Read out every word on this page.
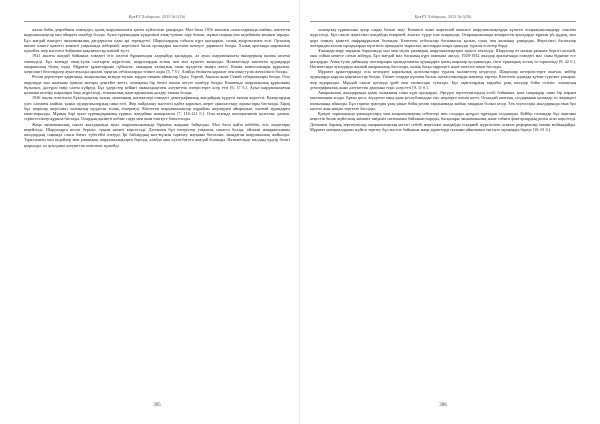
ҚазҰУ Хабаршы. 2015 №1(56)

жылы бойы деңгейінен төмендеп, қазақ шаруашылығы қатты күйзеліске ұшырады. Мал басы 1916 жылмен салыстырғанда азайып, көптеген шаруашылықтар мал айыруға мәжбүр болды. Ауыл тұрғындары күнделікті азық-түлікке зәру болып, жұмыссыздық пен кедейшілік кеңінен тарады. Бұл жағдай өлкедегі экономикалық дағдарысты одан әрі тереңдетті. Шаруалардың табысы күрт қысқарып, салық ауыртпалығы өсті. Орталық өкімет өлкеге қажетті көмекті уақытында жібермей, жергілікті билік органдары мәселені шешуге дәрменсіз болды. Халық арасында наразылық күшейіп, жер мәселесі бойынша қақтығыстар жиілей түсті.

1921 жылғы жағдай бойынша өлкедегі егіс көлемі бұрынғыдан әлдеқайда қысқарды, ал ауыл шаруашылығы өнімдерінің жалпы көлемі төмендеді. Бұл кезеңде азық-түлік салғырты жүргізіліп, шаруалардан астық пен мал күштеп жиналды. Нәтижесінде көптеген аудандарда ашаршылық белең алды. Мұрағат құжаттарына сүйенсек, ашыққан халықтың саны жүздеген мыңға жетті. Көмек комиссиялары құрылып, жергілікті белсенділер ауыл-ауылды аралап, мұқтаж отбасыларды тізімге алды [5, 7 б.]. Алайда бөлінген қаражат пен азық-түлік жеткіліксіз болды.

Ресми деректерге қарағанда, ашаршылық кезінде ең көп зардап шеккен аймақтар Орал, Торғай, Ақмола және Семей губерниялары болды. Осы өңірлерде мал шығыны ерекше жоғары деңгейге жетті, халықтың бір бөлігі көшіп кетуге мәжбүр болды. Көшпенді шаруашылық құрылымы бұзылып, дәстүрлі өмір салты күйреді. Бұл үдерістер кейінгі онжылдықтағы әлеуметтік өзгерістерге әсер етті [6, 17 б.]. Ауыл шаруашылығын қалпына келтіру шаралары баяу жүргізілді, техникалық және қаржылық қолдау тапшы болды.

1926 жылы өткізілген Бүкілодақтық халық санағының нәтижелері өлкедегі демографиялық жағдайдың күрделі екенін көрсетті. Қазақтардың үлес салмағы азайып, қоныс аударушылардың саны өсті. Жер пайдалану мәселесі қайта қаралып, жерге орналастыру жұмыстары басталды. Бірақ бұл шаралар жергілікті халықтың мүддесін толық ескермеді. Көптеген шаруашылықтар шұрайлы жерлерден айырылып, шалғай аудандарға ығыстырылды. Мұның бәрі ауыл тұрғындарының тұрмыс жағдайын нашарлатты [7, 116-121 б.]. Осы кезеңде кооперативтік қозғалыс дамып, серіктестіктер құрыла бастады. Олардың қызметі көбіне сауда мен өнім өткізуге бағытталды.

Жаңа экономикалық саясат жылдарында ауыл шаруашылығында біршама жандану байқалды. Мал басы қайта көбейіп, егіс алқаптары кеңейтілді. Шаруаларға несие беріліп, тұқым көмегі көрсетілді. Дегенмен бұл өзгерістер уақытша сипатта болды, өйткені жиырмасыншы жылдардың соңында саяси бағыт түбегейлі өзгерді. Ірі байлардың мал-мүлкін тәркілеу науқаны басталып, мыңдаған шаруашылық жойылды. Тәркіленген мал кедейлер мен ұжымдық шаруашылықтарға берілді, алайда оны күтіп-бағуға жағдай болмады. Нәтижесінде малдың едәуір бөлігі қырылды, ал ауылдағы әлеуметтік шиеленіс күшейді.

395
ҚазҰУ Хабаршы. 2015 №1(56)

халықтың тұрмысына ауыр соққы болып тиді. Көшпелі және жартылай көшпелі шаруашылықтарды күштеп отырықшыландыру саясаты жүргізілді. Бұл саясат жергілікті жағдайды ескермей, асығыс түрде іске асырылды. Отырықшылыққа көшірілген ауылдарда тұрғын үй, құдық, мал қора сияқты қажетті инфрақұрылым болмады. Көптеген отбасылар баспанасыз қалып, суық пен аштыққа ұшырады. Жергілікті басшылар жоғарыдан келген нұсқауларды мүлтіксіз орындауға тырысып, жоспарды асыра орындау туралы есептер берді.

Ұжымдастыру науқаны барысында мал мен мүлік ұжымдық шаруашылықтарға еріксіз өткізілді. Шаруалар өз малын ұжымға бергісі келмей, оны сойып немесе сатып жіберді. Бұл жағдай мал басының күрт азаюына әкелді. 1928-1932 жылдар аралығында өлкедегі мал саны бірнеше есе қысқарды. Азық-түлік дайындау жоспарлары орындалмаған аудандарға қатаң шаралар қолданылды, тіпті тұқымдық астық та тәркіленді [8, 42 б.]. Нәтижесінде ауылдарда жаппай ашаршылық басталды, халық басқа өңірлерге және шетелге көше бастады.

Мұрағат құжаттарында осы кезеңдегі наразылық қозғалыстары туралы мәліметтер кездеседі. Шаруалар көтерілістерге шығып, кейбір аудандарда қарулы қақтығыстар болды. Үкімет оларды күшпен басып, қатысушыларды жауапқа тартты. Көптеген адамдар қуғын-сүргінге ұшырап, жер аударылды. Мұндай саясат қоғамда үрей мен сенімсіздік туғызды. Бұл оқиғалардың зардабы ұзақ жылдар бойы сезіліп, халықтың демографиялық және әлеуметтік дамуына теріс әсер етті [9, 11 б.].

Ашаршылық жылдарында қазақ халқының саны күрт қысқарды. Әртүрлі зерттеушілердің есебі бойынша, қаза тапқандар саны бір жарым миллионнан асады. Бұған қоса, жүздеген мың адам республикадан тыс жерлерге көшіп кетті. Осындай апаттың салдарынан қазақтар өз жеріндегі азшылыққа айналды. Бұл тарихи трагедия ұзақ уақыт бойы ресми тарихнамада жабық тақырып болып келді. Тек тәуелсіздік жылдарында ғана бұл мәселе жан-жақты зерттеле бастады.

Қазіргі тарихнамада ұжымдастыру мен ашаршылықтың себептері мен салдары әртүрлі тұрғыдан талданады. Кейбір ғалымдар бұл оқиғаны кеңестік билік жүйесінің әкімшіл-әміршіл сипатымен байланыстырады, басқалары экономикалық және табиғи факторлардың рөлін атап көрсетеді. Дегенмен барлық зерттеушілер ашаршылықтың негізгі себебі жергілікті жағдайды ескермей жүргізілген асығыс реформалар екенін мойындайды. Мұрағат материалдарын жүйелі зерттеу бұл мәселе бойынша жаңа деректерді ғылыми айналымға енгізуге мүмкіндік береді [10, 61 б.].

396
